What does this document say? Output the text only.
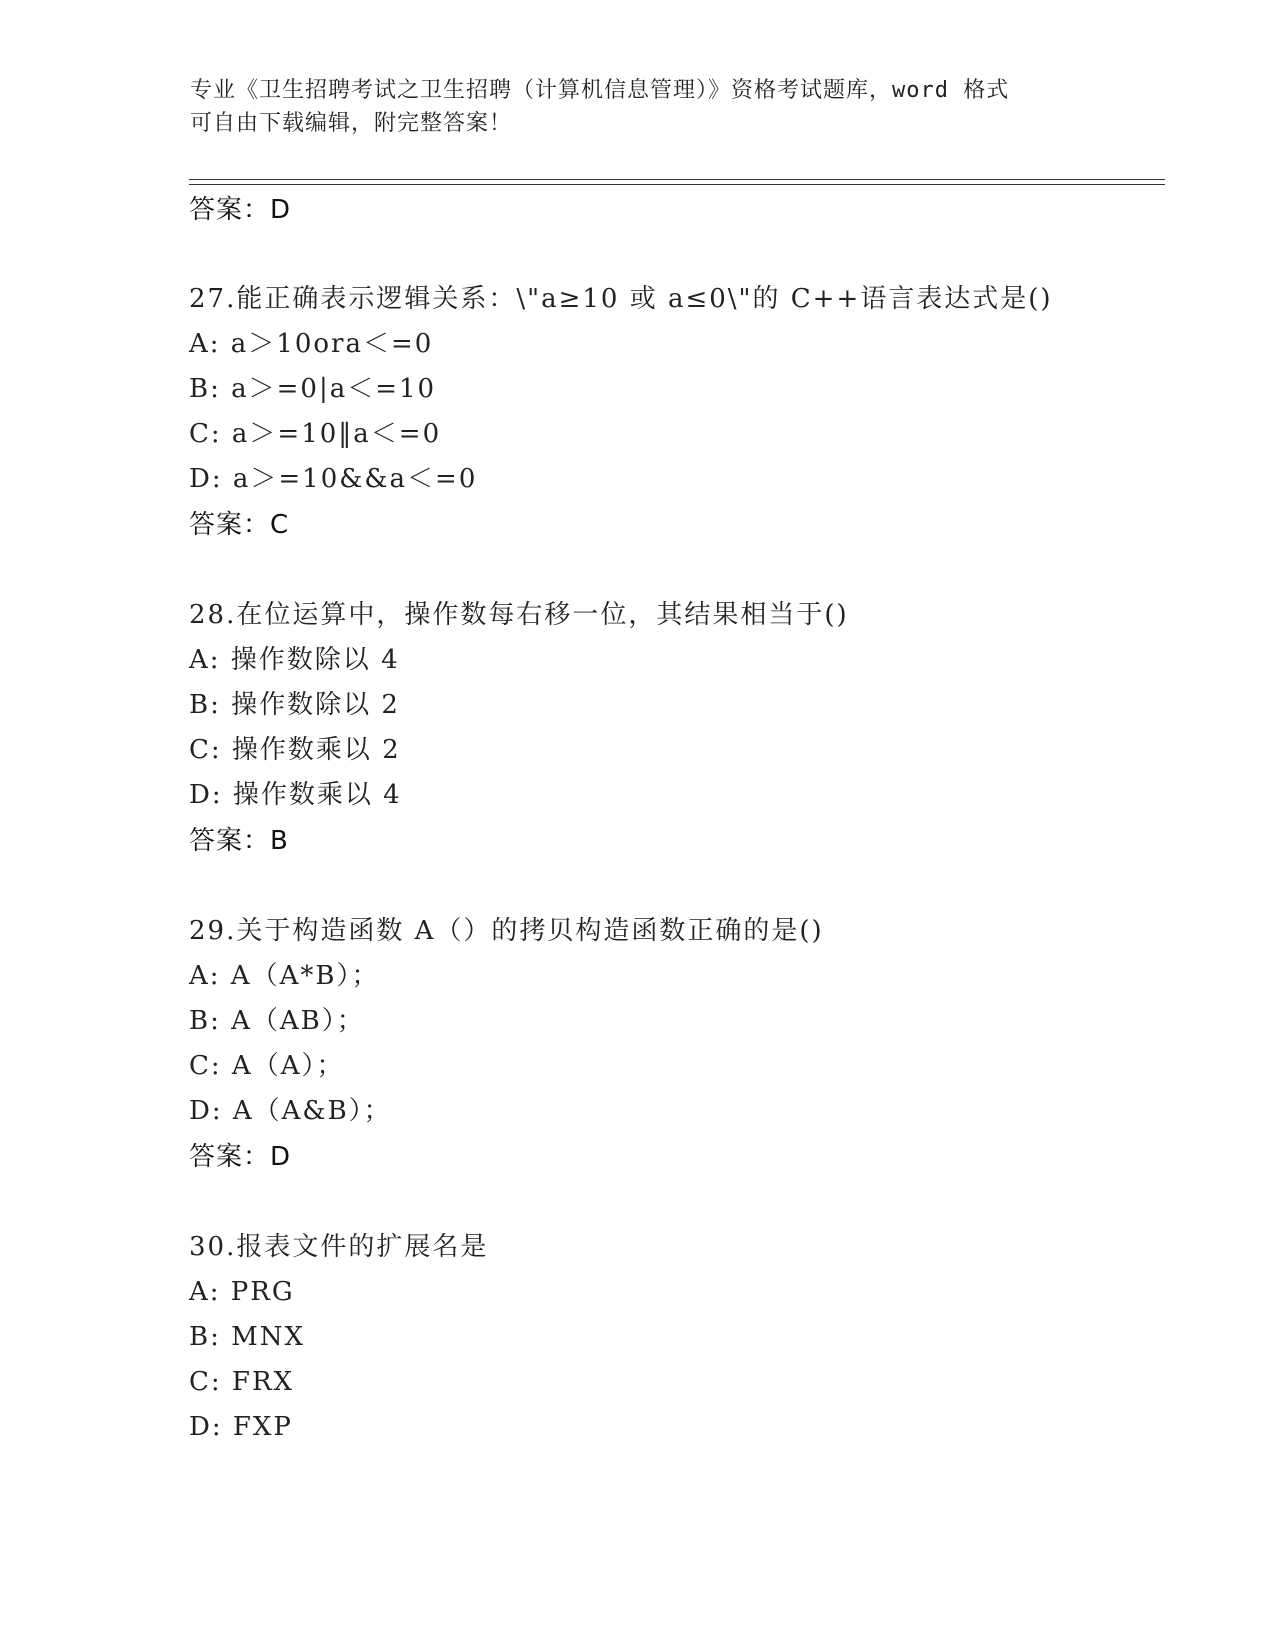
专业《卫生招聘考试之卫生招聘（计算机信息管理）》资格考试题库，word 格式
可自由下载编辑，附完整答案！
答案：D
27.能正确表示逻辑关系：\"a≥10 或 a≤0\"的 C++语言表达式是()
A: a＞10ora＜=0
B: a＞=0|a＜=10
C: a＞=10‖a＜=0
D: a＞=10&&a＜=0
答案：C
28.在位运算中，操作数每右移一位，其结果相当于()
A: 操作数除以 4
B: 操作数除以 2
C: 操作数乘以 2
D: 操作数乘以 4
答案：B
29.关于构造函数 A（）的拷贝构造函数正确的是()
A: A（A*B）；
B: A（AB）；
C: A（A）；
D: A（A&B）；
答案：D
30.报表文件的扩展名是
A: PRG
B: MNX
C: FRX
D: FXP
